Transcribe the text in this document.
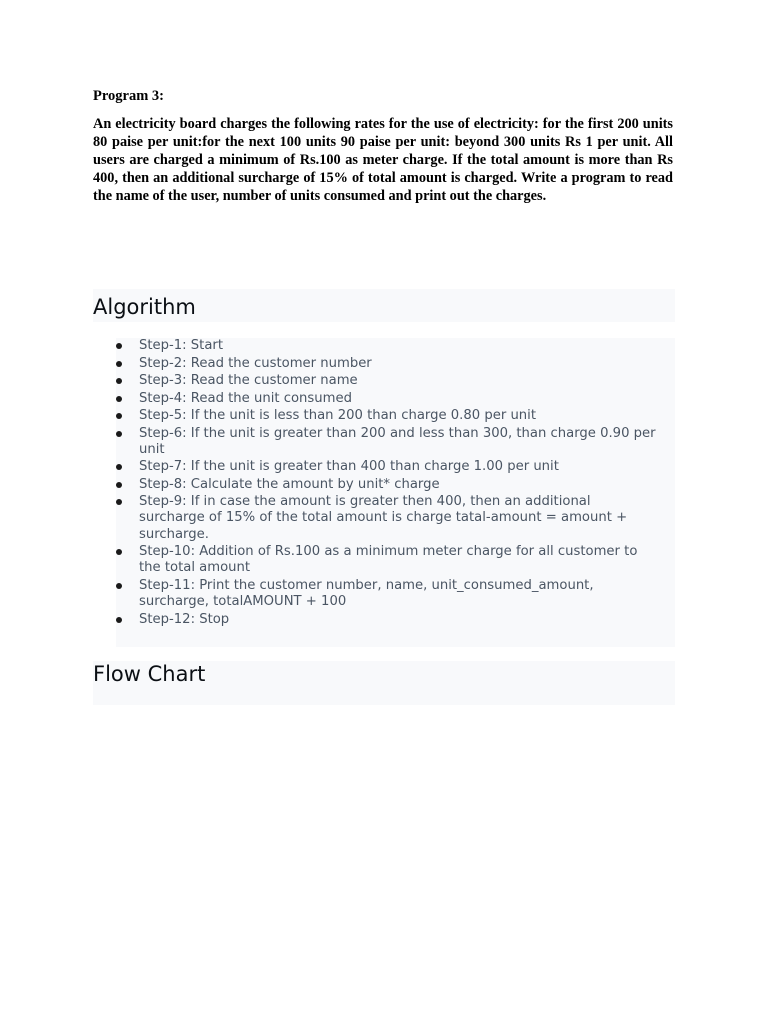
Program 3:

An electricity board charges the following rates for the use of electricity: for the first 200 units 80 paise per unit:for the next 100 units 90 paise per unit: beyond 300 units Rs 1 per unit. All users are charged a minimum of Rs.100 as meter charge. If the total amount is more than Rs 400, then an additional surcharge of 15% of total amount is charged. Write a program to read the name of the user, number of units consumed and print out the charges.

Algorithm
Step-1: Start
Step-2: Read the customer number
Step-3: Read the customer name
Step-4: Read the unit consumed
Step-5: If the unit is less than 200 than charge 0.80 per unit
Step-6: If the unit is greater than 200 and less than 300, than charge 0.90 per unit
Step-7: If the unit is greater than 400 than charge 1.00 per unit
Step-8: Calculate the amount by unit* charge
Step-9: If in case the amount is greater then 400, then an additional surcharge of 15% of the total amount is charge tatal-amount = amount + surcharge.
Step-10: Addition of Rs.100 as a minimum meter charge for all customer to the total amount
Step-11: Print the customer number, name, unit_consumed_amount, surcharge, totalAMOUNT + 100
Step-12: Stop
Flow Chart
